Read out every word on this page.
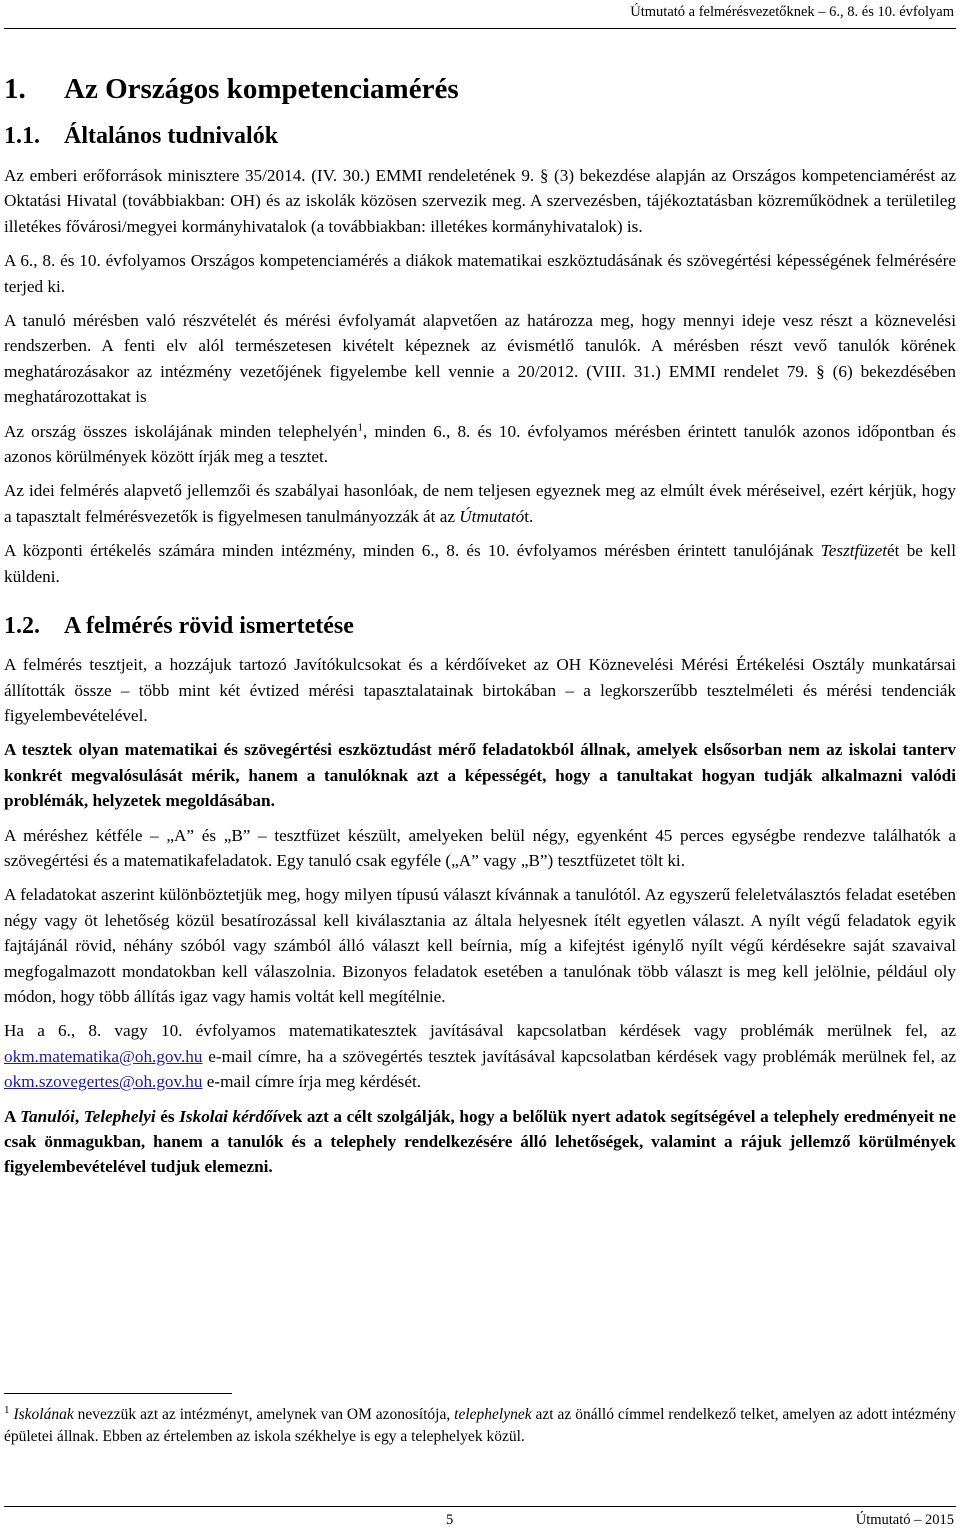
Útmutató a felmérésvezetőknek – 6., 8. és 10. évfolyam
1. Az Országos kompetenciamérés
1.1. Általános tudnivalók

Az emberi erőforrások minisztere 35/2014. (IV. 30.) EMMI rendeletének 9. § (3) bekezdése alapján az Országos kompetenciamérést az Oktatási Hivatal (továbbiakban: OH) és az iskolák közösen szervezik meg. A szervezésben, tájékoztatásban közreműködnek a területileg illetékes fővárosi/megyei kormányhivatalok (a továbbiakban: illetékes kormányhivatalok) is.

A 6., 8. és 10. évfolyamos Országos kompetenciamérés a diákok matematikai eszköztudásának és szövegértési képességének felmérésére terjed ki.

A tanuló mérésben való részvételét és mérési évfolyamát alapvetően az határozza meg, hogy mennyi ideje vesz részt a köznevelési rendszerben. A fenti elv alól természetesen kivételt képeznek az évismétlő tanulók. A mérésben részt vevő tanulók körének meghatározásakor az intézmény vezetőjének figyelembe kell vennie a 20/2012. (VIII. 31.) EMMI rendelet 79. § (6) bekezdésében meghatározottakat is

Az ország összes iskolájának minden telephelyén$^1$, minden 6., 8. és 10. évfolyamos mérésben érintett tanulók azonos időpontban és azonos körülmények között írják meg a tesztet.

Az idei felmérés alapvető jellemzői és szabályai hasonlóak, de nem teljesen egyeznek meg az elmúlt évek méréseivel, ezért kérjük, hogy a tapasztalt felmérésvezetők is figyelmesen tanulmányozzák át az Útmutatót.

A központi értékelés számára minden intézmény, minden 6., 8. és 10. évfolyamos mérésben érintett tanulójának Tesztfüzetét be kell küldeni.

1.2. A felmérés rövid ismertetése

A felmérés tesztjeit, a hozzájuk tartozó Javítókulcsokat és a kérdőíveket az OH Köznevelési Mérési Értékelési Osztály munkatársai állították össze – több mint két évtized mérési tapasztalatainak birtokában – a legkorszerűbb tesztelméleti és mérési tendenciák figyelembevételével.

A tesztek olyan matematikai és szövegértési eszköztudást mérő feladatokból állnak, amelyek elsősorban nem az iskolai tanterv konkrét megvalósulását mérik, hanem a tanulóknak azt a képességét, hogy a tanultakat hogyan tudják alkalmazni valódi problémák, helyzetek megoldásában.

A méréshez kétféle – „A” és „B” – tesztfüzet készült, amelyeken belül négy, egyenként 45 perces egységbe rendezve találhatók a szövegértési és a matematikafeladatok. Egy tanuló csak egyféle („A” vagy „B”) tesztfüzetet tölt ki.

A feladatokat aszerint különböztetjük meg, hogy milyen típusú választ kívánnak a tanulótól. Az egyszerű feleletválasztós feladat esetében négy vagy öt lehetőség közül besatírozással kell kiválasztania az általa helyesnek ítélt egyetlen választ. A nyílt végű feladatok egyik fajtájánál rövid, néhány szóból vagy számból álló választ kell beírnia, míg a kifejtést igénylő nyílt végű kérdésekre saját szavaival megfogalmazott mondatokban kell válaszolnia. Bizonyos feladatok esetében a tanulónak több választ is meg kell jelölnie, például oly módon, hogy több állítás igaz vagy hamis voltát kell megítélnie.

Ha a 6., 8. vagy 10. évfolyamos matematikatesztek javításával kapcsolatban kérdések vagy problémák merülnek fel, az okm.matematika@oh.gov.hu e-mail címre, ha a szövegértés tesztek javításával kapcsolatban kérdések vagy problémák merülnek fel, az okm.szovegertes@oh.gov.hu e-mail címre írja meg kérdését.

A Tanulói, Telephelyi és Iskolai kérdőívek azt a célt szolgálják, hogy a belőlük nyert adatok segítségével a telephely eredményeit ne csak önmagukban, hanem a tanulók és a telephely rendelkezésére álló lehetőségek, valamint a rájuk jellemző körülmények figyelembevételével tudjuk elemezni.

$^1$ Iskolának nevezzük azt az intézményt, amelynek van OM azonosítója, telephelynek azt az önálló címmel rendelkező telket, amelyen az adott intézmény épületei állnak. Ebben az értelemben az iskola székhelye is egy a telephelyek közül.
5	Útmutató – 2015
